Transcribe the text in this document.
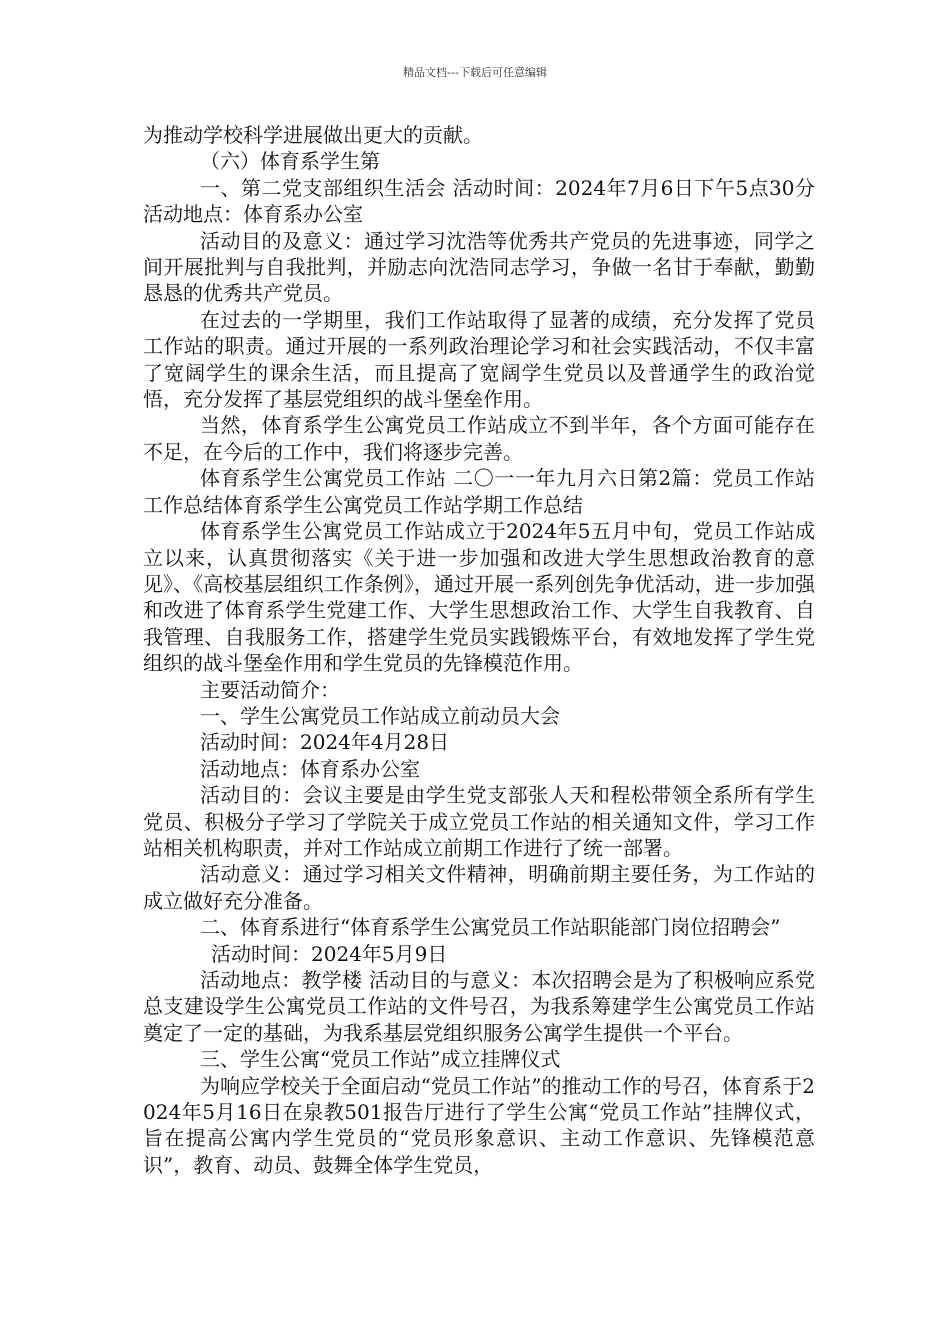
精品文档---下载后可任意编辑

为推动学校科学进展做出更大的贡献。

（六）体育系学生第

一、第二党支部组织生活会 活动时间：2024年7月6日下午5点30分 活动地点：体育系办公室

活动目的及意义：通过学习沈浩等优秀共产党员的先进事迹，同学之间开展批判与自我批判，并励志向沈浩同志学习，争做一名甘于奉献，勤勤恳恳的优秀共产党员。

在过去的一学期里，我们工作站取得了显著的成绩，充分发挥了党员工作站的职责。通过开展的一系列政治理论学习和社会实践活动，不仅丰富了宽阔学生的课余生活，而且提高了宽阔学生党员以及普通学生的政治觉悟，充分发挥了基层党组织的战斗堡垒作用。

当然，体育系学生公寓党员工作站成立不到半年，各个方面可能存在不足，在今后的工作中，我们将逐步完善。

体育系学生公寓党员工作站 二〇一一年九月六日第2篇：党员工作站工作总结体育系学生公寓党员工作站学期工作总结

体育系学生公寓党员工作站成立于2024年5五月中旬，党员工作站成立以来，认真贯彻落实《关于进一步加强和改进大学生思想政治教育的意见》、《高校基层组织工作条例》，通过开展一系列创先争优活动，进一步加强和改进了体育系学生党建工作、大学生思想政治工作、大学生自我教育、自我管理、自我服务工作，搭建学生党员实践锻炼平台，有效地发挥了学生党组织的战斗堡垒作用和学生党员的先锋模范作用。

主要活动简介：

一、学生公寓党员工作站成立前动员大会

活动时间：2024年4月28日

活动地点：体育系办公室

活动目的：会议主要是由学生党支部张人天和程松带领全系所有学生党员、积极分子学习了学院关于成立党员工作站的相关通知文件，学习工作站相关机构职责，并对工作站成立前期工作进行了统一部署。

活动意义：通过学习相关文件精神，明确前期主要任务，为工作站的成立做好充分准备。

二、体育系进行“体育系学生公寓党员工作站职能部门岗位招聘会”

活动时间：2024年5月9日

活动地点：教学楼 活动目的与意义：本次招聘会是为了积极响应系党总支建设学生公寓党员工作站的文件号召，为我系筹建学生公寓党员工作站奠定了一定的基础，为我系基层党组织服务公寓学生提供一个平台。

三、学生公寓“党员工作站”成立挂牌仪式

为响应学校关于全面启动“党员工作站”的推动工作的号召，体育系于2024年5月16日在泉教501报告厅进行了学生公寓“党员工作站”挂牌仪式，旨在提高公寓内学生党员的“党员形象意识、主动工作意识、先锋模范意识”，教育、动员、鼓舞全体学生党员，
